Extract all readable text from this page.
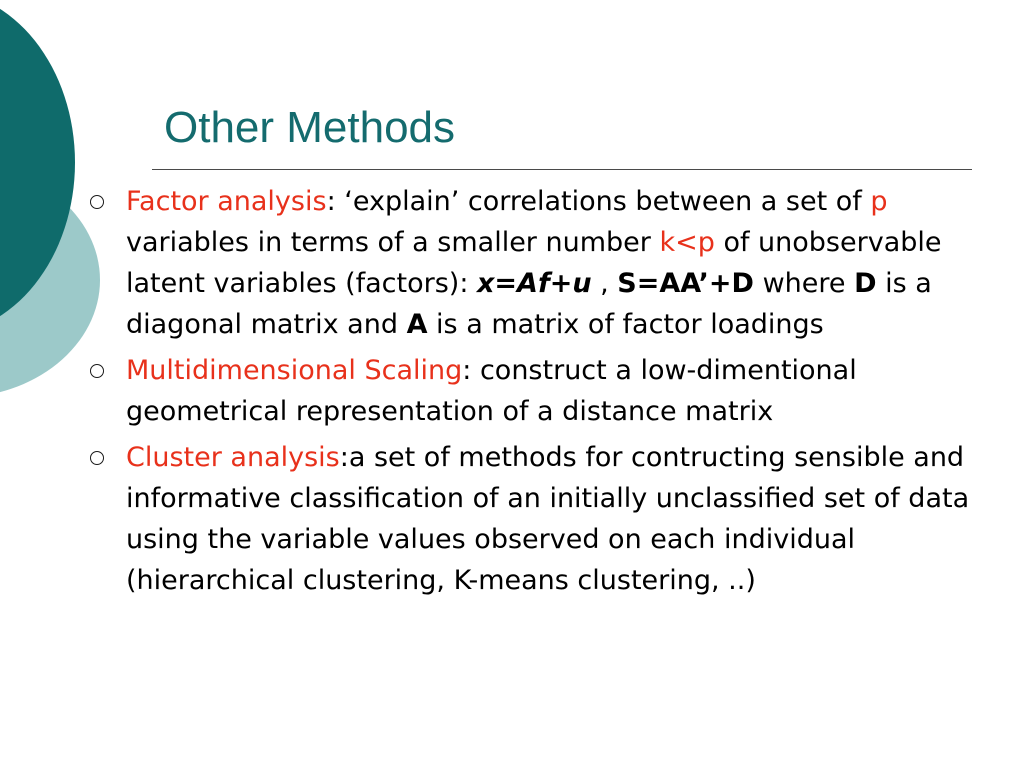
Other Methods
Factor analysis: ‘explain’ correlations between a set of p variables in terms of a smaller number k<p of unobservable latent variables (factors): x=Af+u , S=AA’+D where D is a diagonal matrix and A is a matrix of factor loadings
Multidimensional Scaling: construct a low-dimentional geometrical representation of a distance matrix
Cluster analysis:a set of methods for contructing sensible and informative classification of an initially unclassified set of data using the variable values observed on each individual (hierarchical clustering, K-means clustering, ..)
